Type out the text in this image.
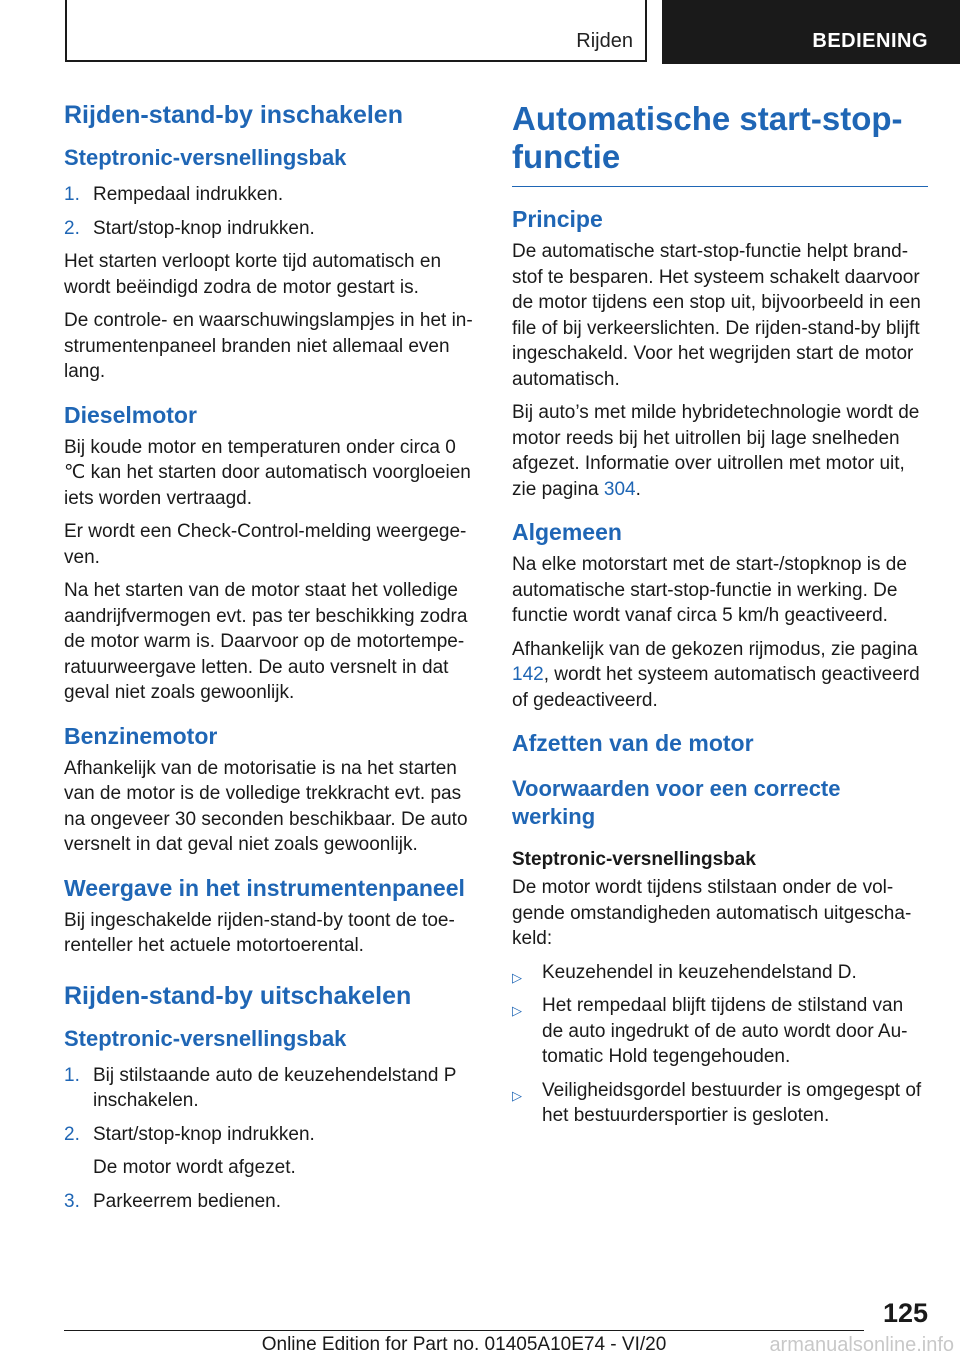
Rijden	BEDIENING
Rijden-stand-by inschakelen
Steptronic-versnellingsbak
1. Rempedaal indrukken.
2. Start/stop-knop indrukken.

Het starten verloopt korte tijd automatisch en wordt beëindigd zodra de motor gestart is.

De controle- en waarschuwingslampjes in het instrumentenpaneel branden niet allemaal even lang.

Dieselmotor

Bij koude motor en temperaturen onder circa 0 ℃ kan het starten door automatisch voorgloeien iets worden vertraagd.

Er wordt een Check-Control-melding weergegeven.

Na het starten van de motor staat het volledige aandrijfvermogen evt. pas ter beschikking zodra de motor warm is. Daarvoor op de motortemperatuurweergave letten. De auto versnelt in dat geval niet zoals gewoonlijk.

Benzinemotor

Afhankelijk van de motorisatie is na het starten van de motor is de volledige trekkracht evt. pas na ongeveer 30 seconden beschikbaar. De auto versnelt in dat geval niet zoals gewoonlijk.

Weergave in het instrumentenpaneel

Bij ingeschakelde rijden-stand-by toont de toerenteller het actuele motortoerental.

Rijden-stand-by uitschakelen
Steptronic-versnellingsbak
1. Bij stilstaande auto de keuzehendelstand P inschakelen.
2. Start/stop-knop indrukken.

De motor wordt afgezet.

3. Parkeerrem bedienen.
Automatische start-stop-functie
Principe

De automatische start-stop-functie helpt brandstof te besparen. Het systeem schakelt daarvoor de motor tijdens een stop uit, bijvoorbeeld in een file of bij verkeerslichten. De rijden-stand-by blijft ingeschakeld. Voor het wegrijden start de motor automatisch.

Bij auto’s met milde hybridetechnologie wordt de motor reeds bij het uitrollen bij lage snelheden afgezet. Informatie over uitrollen met motor uit, zie pagina 304.

Algemeen

Na elke motorstart met de start-/stopknop is de automatische start-stop-functie in werking. De functie wordt vanaf circa 5 km/h geactiveerd.

Afhankelijk van de gekozen rijmodus, zie pagina 142, wordt het systeem automatisch geactiveerd of gedeactiveerd.

Afzetten van de motor
Voorwaarden voor een correcte werking
Steptronic-versnellingsbak

De motor wordt tijdens stilstaan onder de volgende omstandigheden automatisch uitgeschakeld:

▷ Keuzehendel in keuzehendelstand D.
▷ Het rempedaal blijft tijdens de stilstand van de auto ingedrukt of de auto wordt door Automatic Hold tegengehouden.
▷ Veiligheidsgordel bestuurder is omgegespt of het bestuurdersportier is gesloten.
125
Online Edition for Part no. 01405A10E74 - VI/20	armanualsonline.info
